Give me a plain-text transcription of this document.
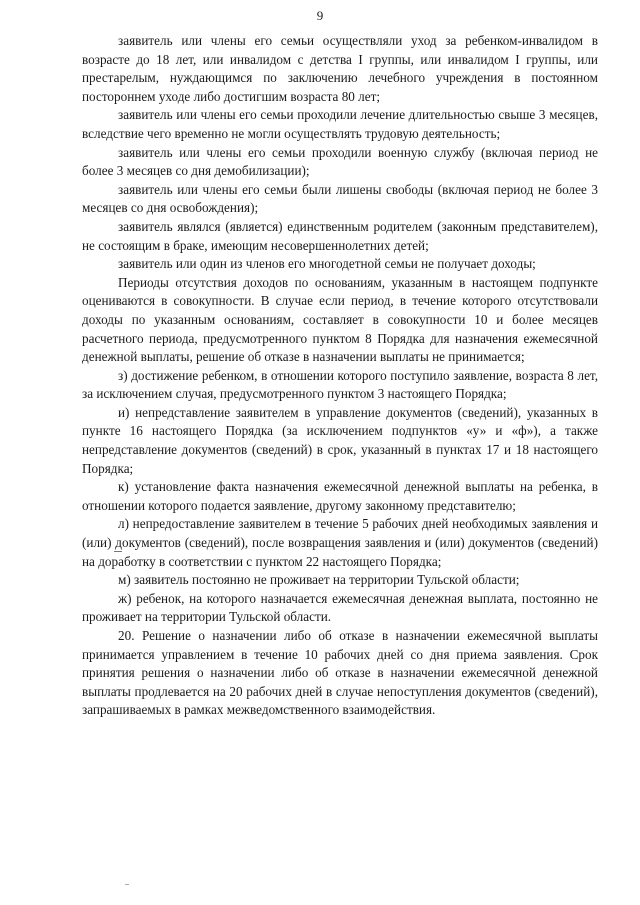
9

заявитель или члены его семьи осуществляли уход за ребенком-инвалидом в возрасте до 18 лет, или инвалидом с детства I группы, или инвалидом I группы, или престарелым, нуждающимся по заключению лечебного учреждения в постоянном постороннем уходе либо достигшим возраста 80 лет;

заявитель или члены его семьи проходили лечение длительностью свыше 3 месяцев, вследствие чего временно не могли осуществлять трудовую деятельность;

заявитель или члены его семьи проходили военную службу (включая период не более 3 месяцев со дня демобилизации);

заявитель или члены его семьи были лишены свободы (включая период не более 3 месяцев со дня освобождения);

заявитель являлся (является) единственным родителем (законным представителем), не состоящим в браке, имеющим несовершеннолетних детей;

заявитель или один из членов его многодетной семьи не получает доходы;

Периоды отсутствия доходов по основаниям, указанным в настоящем подпункте оцениваются в совокупности. В случае если период, в течение которого отсутствовали доходы по указанным основаниям, составляет в совокупности 10 и более месяцев расчетного периода, предусмотренного пунктом 8 Порядка для назначения ежемесячной денежной выплаты, решение об отказе в назначении выплаты не принимается;

з) достижение ребенком, в отношении которого поступило заявление, возраста 8 лет, за исключением случая, предусмотренного пунктом 3 настоящего Порядка;

и) непредставление заявителем в управление документов (сведений), указанных в пункте 16 настоящего Порядка (за исключением подпунктов «у» и «ф»), а также непредставление документов (сведений) в срок, указанный в пунктах 17 и 18 настоящего Порядка;

к) установление факта назначения ежемесячной денежной выплаты на ребенка, в отношении которого подается заявление, другому законному представителю;

л) непредоставление заявителем в течение 5 рабочих дней необходимых заявления и (или) документов (сведений), после возвращения заявления и (или) документов (сведений) на доработку в соответствии с пунктом 22 настоящего Порядка;

м) заявитель постоянно не проживает на территории Тульской области;

ж) ребенок, на которого назначается ежемесячная денежная выплата, постоянно не проживает на территории Тульской области.

20. Решение о назначении либо об отказе в назначении ежемесячной выплаты принимается управлением в течение 10 рабочих дней со дня приема заявления. Срок принятия решения о назначении либо об отказе в назначении ежемесячной денежной выплаты продлевается на 20 рабочих дней в случае непоступления документов (сведений), запрашиваемых в рамках межведомственного взаимодействия.
